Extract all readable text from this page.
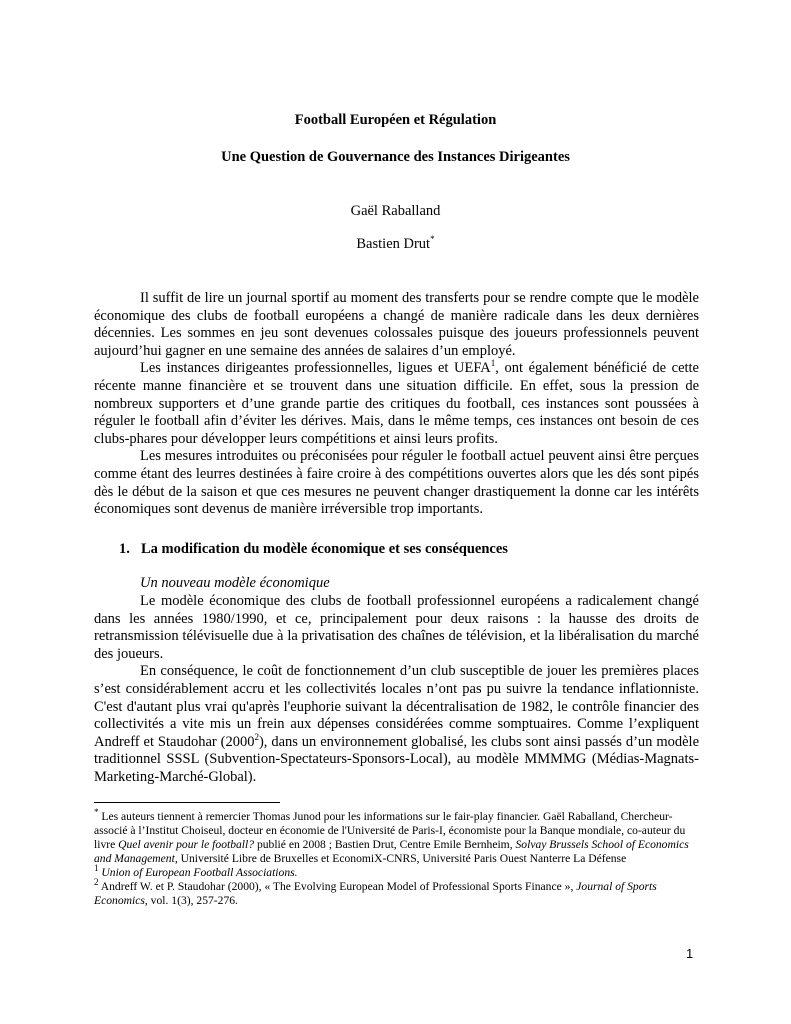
Football Européen et Régulation
Une Question de Gouvernance des Instances Dirigeantes
Gaël Raballand
Bastien Drut*

Il suffit de lire un journal sportif au moment des transferts pour se rendre compte que le modèle économique des clubs de football européens a changé de manière radicale dans les deux dernières décennies. Les sommes en jeu sont devenues colossales puisque des joueurs professionnels peuvent aujourd’hui gagner en une semaine des années de salaires d’un employé.

Les instances dirigeantes professionnelles, ligues et UEFA$^1$, ont également bénéficié de cette récente manne financière et se trouvent dans une situation difficile. En effet, sous la pression de nombreux supporters et d’une grande partie des critiques du football, ces instances sont poussées à réguler le football afin d’éviter les dérives. Mais, dans le même temps, ces instances ont besoin de ces clubs-phares pour développer leurs compétitions et ainsi leurs profits.

Les mesures introduites ou préconisées pour réguler le football actuel peuvent ainsi être perçues comme étant des leurres destinées à faire croire à des compétitions ouvertes alors que les dés sont pipés dès le début de la saison et que ces mesures ne peuvent changer drastiquement la donne car les intérêts économiques sont devenus de manière irréversible trop importants.

1. La modification du modèle économique et ses conséquences
Un nouveau modèle économique

Le modèle économique des clubs de football professionnel européens a radicalement changé dans les années 1980/1990, et ce, principalement pour deux raisons : la hausse des droits de retransmission télévisuelle due à la privatisation des chaînes de télévision, et la libéralisation du marché des joueurs.

En conséquence, le coût de fonctionnement d’un club susceptible de jouer les premières places s’est considérablement accru et les collectivités locales n’ont pas pu suivre la tendance inflationniste. C'est d'autant plus vrai qu'après l'euphorie suivant la décentralisation de 1982, le contrôle financier des collectivités a vite mis un frein aux dépenses considérées comme somptuaires. Comme l’expliquent Andreff et Staudohar (2000$^2$), dans un environnement globalisé, les clubs sont ainsi passés d’un modèle traditionnel SSSL (Subvention-Spectateurs-Sponsors-Local), au modèle MMMMG (Médias-Magnats-Marketing-Marché-Global).

* Les auteurs tiennent à remercier Thomas Junod pour les informations sur le fair-play financier. Gaël Raballand, Chercheur-associé à l’Institut Choiseul, docteur en économie de l'Université de Paris-I, économiste pour la Banque mondiale, co-auteur du livre Quel avenir pour le football? publié en 2008 ; Bastien Drut, Centre Emile Bernheim, Solvay Brussels School of Economics and Management, Université Libre de Bruxelles et EconomiX-CNRS, Université Paris Ouest Nanterre La Défense

$^1$ Union of European Football Associations.

$^2$ Andreff W. et P. Staudohar (2000), « The Evolving European Model of Professional Sports Finance », Journal of Sports Economics, vol. 1(3), 257-276.

1
